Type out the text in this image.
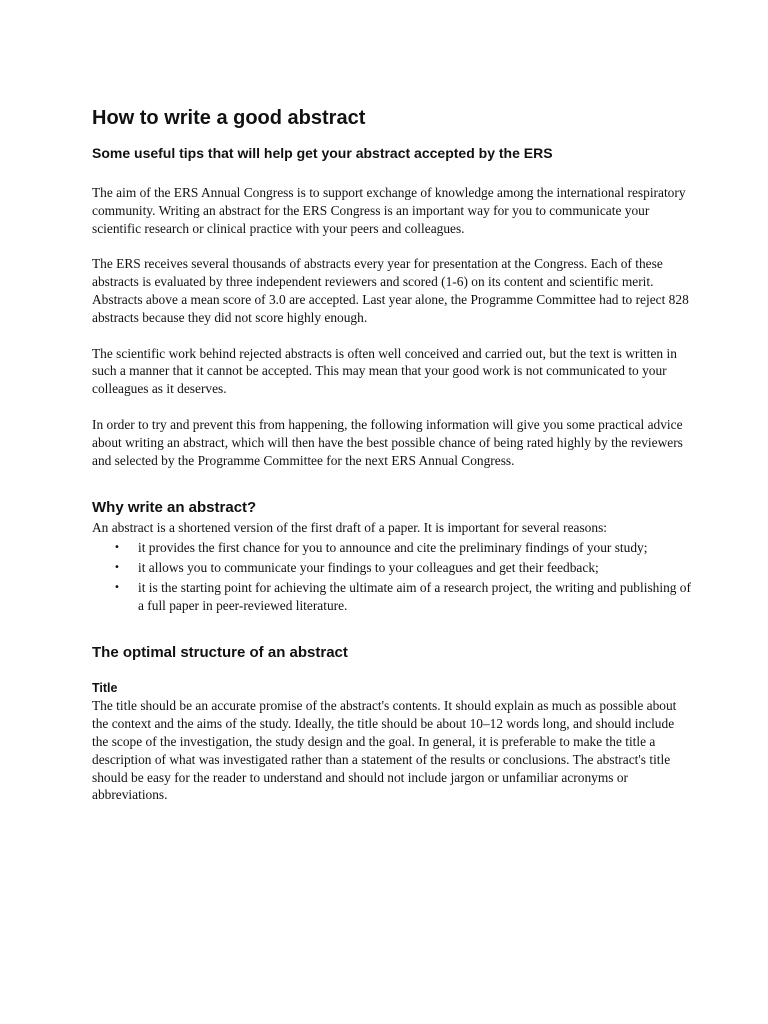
How to write a good abstract
Some useful tips that will help get your abstract accepted by the ERS

The aim of the ERS Annual Congress is to support exchange of knowledge among the international respiratory community. Writing an abstract for the ERS Congress is an important way for you to communicate your scientific research or clinical practice with your peers and colleagues.

The ERS receives several thousands of abstracts every year for presentation at the Congress. Each of these abstracts is evaluated by three independent reviewers and scored (1-6) on its content and scientific merit. Abstracts above a mean score of 3.0 are accepted. Last year alone, the Programme Committee had to reject 828 abstracts because they did not score highly enough.

The scientific work behind rejected abstracts is often well conceived and carried out, but the text is written in such a manner that it cannot be accepted. This may mean that your good work is not communicated to your colleagues as it deserves.

In order to try and prevent this from happening, the following information will give you some practical advice about writing an abstract, which will then have the best possible chance of being rated highly by the reviewers and selected by the Programme Committee for the next ERS Annual Congress.

Why write an abstract?

An abstract is a shortened version of the first draft of a paper. It is important for several reasons:

• it provides the first chance for you to announce and cite the preliminary findings of your study;
• it allows you to communicate your findings to your colleagues and get their feedback;
• it is the starting point for achieving the ultimate aim of a research project, the writing and publishing of a full paper in peer-reviewed literature.
The optimal structure of an abstract
Title

The title should be an accurate promise of the abstract's contents. It should explain as much as possible about the context and the aims of the study. Ideally, the title should be about 10–12 words long, and should include the scope of the investigation, the study design and the goal. In general, it is preferable to make the title a description of what was investigated rather than a statement of the results or conclusions. The abstract's title should be easy for the reader to understand and should not include jargon or unfamiliar acronyms or abbreviations.
